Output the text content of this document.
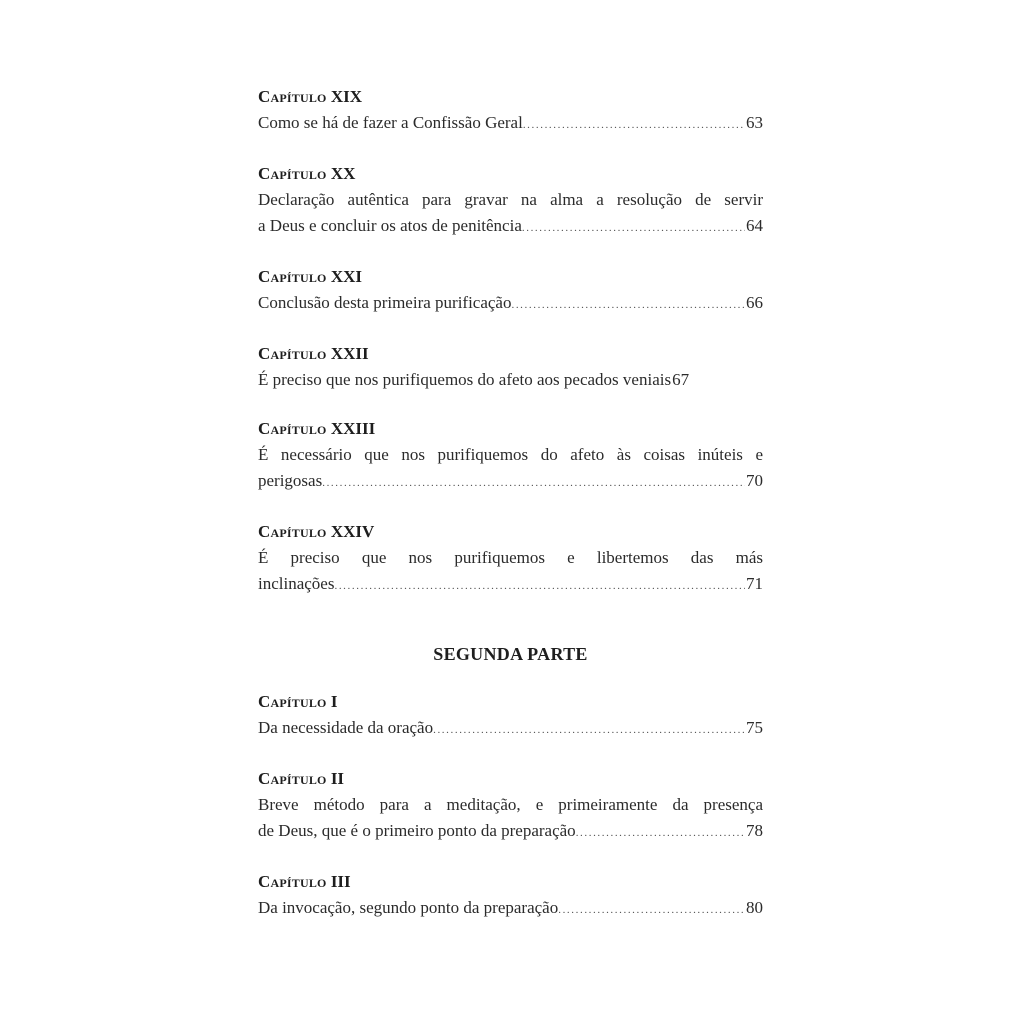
Capítulo XIX
Como se há de fazer a Confissão Geral .....	63
Capítulo XX
Declaração autêntica para gravar na alma a resolução de servir
a Deus e concluir os atos de penitência .....	64
Capítulo XXI
Conclusão desta primeira purificação .....	66
Capítulo XXII
É preciso que nos purifiquemos do afeto aos pecados veniais 67
Capítulo XXIII
É necessário que nos purifiquemos do afeto às coisas inúteis e
perigosas .....	70
Capítulo XXIV
É preciso que nos purifiquemos e libertemos das más
inclinações .....	71
SEGUNDA PARTE
Capítulo I
Da necessidade da oração .....	75
Capítulo II
Breve método para a meditação, e primeiramente da presença
de Deus, que é o primeiro ponto da preparação .....	78
Capítulo III
Da invocação, segundo ponto da preparação .....	80
